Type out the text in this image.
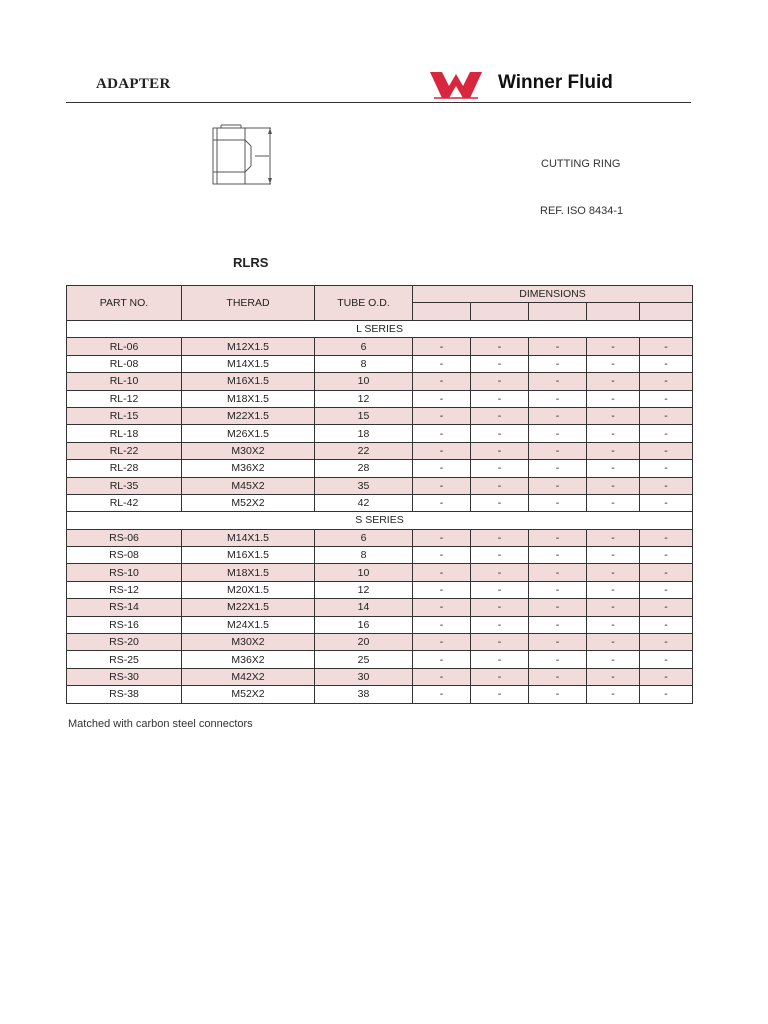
ADAPTER	Winner Fluid
CUTTING RING
REF. ISO 8434-1
RLRS
PART NO.	THERAD	TUBE O.D.	DIMENSIONS				

L SERIES							
RL-06	M12X1.5	6	-	-	-	-	-
RL-08	M14X1.5	8	-	-	-	-	-
RL-10	M16X1.5	10	-	-	-	-	-
RL-12	M18X1.5	12	-	-	-	-	-
RL-15	M22X1.5	15	-	-	-	-	-
RL-18	M26X1.5	18	-	-	-	-	-
RL-22	M30X2	22	-	-	-	-	-
RL-28	M36X2	28	-	-	-	-	-
RL-35	M45X2	35	-	-	-	-	-
RL-42	M52X2	42	-	-	-	-	-
S SERIES							
RS-06	M14X1.5	6	-	-	-	-	-
RS-08	M16X1.5	8	-	-	-	-	-
RS-10	M18X1.5	10	-	-	-	-	-
RS-12	M20X1.5	12	-	-	-	-	-
RS-14	M22X1.5	14	-	-	-	-	-
RS-16	M24X1.5	16	-	-	-	-	-
RS-20	M30X2	20	-	-	-	-	-
RS-25	M36X2	25	-	-	-	-	-
RS-30	M42X2	30	-	-	-	-	-
RS-38	M52X2	38	-	-	-	-	-
Matched with carbon steel connectors
